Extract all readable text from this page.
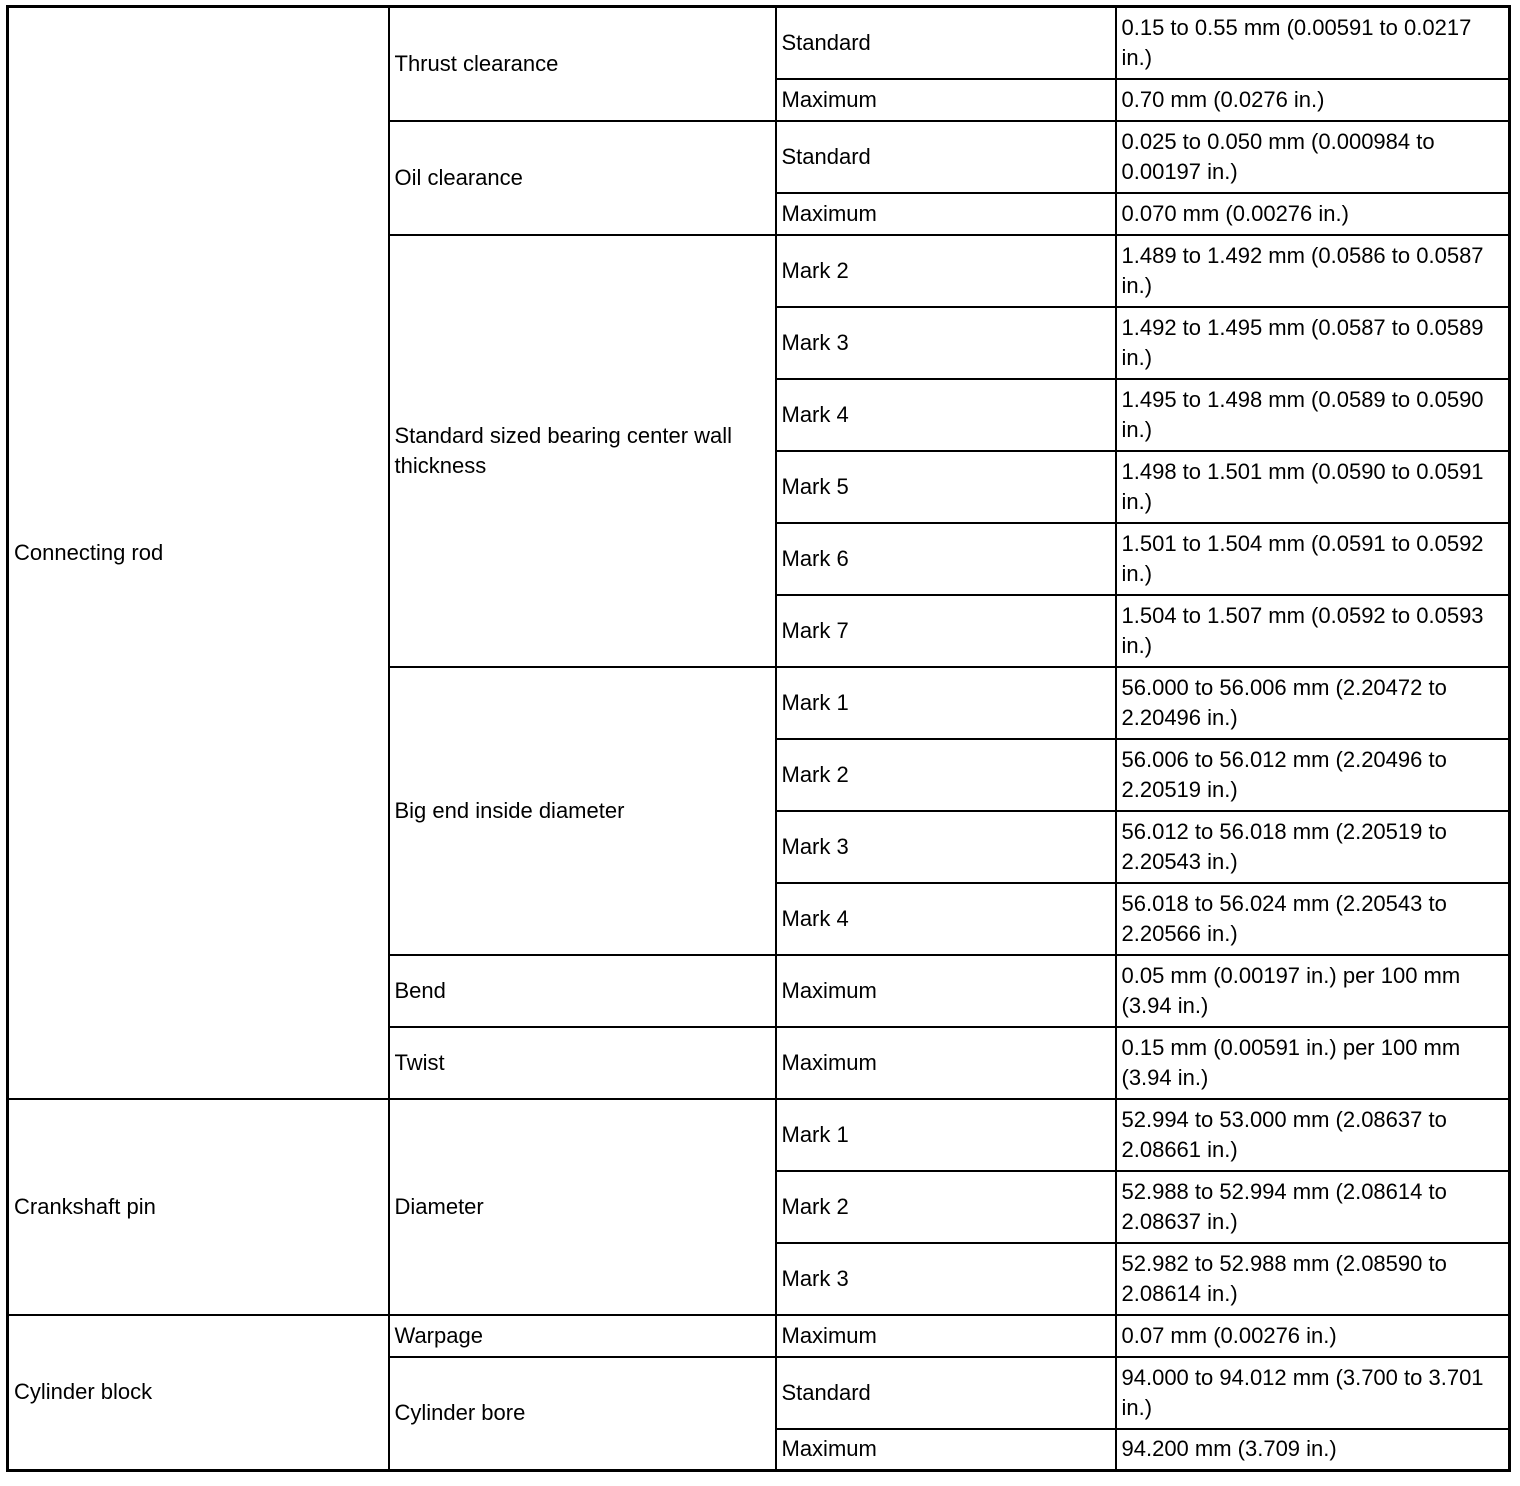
Connecting rod	Thrust clearance	Standard	0.15 to 0.55 mm (0.00591 to 0.0217 in.)
		Maximum	0.70 mm (0.0276 in.)
	Oil clearance	Standard	0.025 to 0.050 mm (0.000984 to 0.00197 in.)
		Maximum	0.070 mm (0.00276 in.)
	Standard sized bearing center wall thickness	Mark 2	1.489 to 1.492 mm (0.0586 to 0.0587 in.)
		Mark 3	1.492 to 1.495 mm (0.0587 to 0.0589 in.)
		Mark 4	1.495 to 1.498 mm (0.0589 to 0.0590 in.)
		Mark 5	1.498 to 1.501 mm (0.0590 to 0.0591 in.)
		Mark 6	1.501 to 1.504 mm (0.0591 to 0.0592 in.)
		Mark 7	1.504 to 1.507 mm (0.0592 to 0.0593 in.)
	Big end inside diameter	Mark 1	56.000 to 56.006 mm (2.20472 to 2.20496 in.)
		Mark 2	56.006 to 56.012 mm (2.20496 to 2.20519 in.)
		Mark 3	56.012 to 56.018 mm (2.20519 to 2.20543 in.)
		Mark 4	56.018 to 56.024 mm (2.20543 to 2.20566 in.)
	Bend	Maximum	0.05 mm (0.00197 in.) per 100 mm (3.94 in.)
	Twist	Maximum	0.15 mm (0.00591 in.) per 100 mm (3.94 in.)
Crankshaft pin	Diameter	Mark 1	52.994 to 53.000 mm (2.08637 to 2.08661 in.)
		Mark 2	52.988 to 52.994 mm (2.08614 to 2.08637 in.)
		Mark 3	52.982 to 52.988 mm (2.08590 to 2.08614 in.)
Cylinder block	Warpage	Maximum	0.07 mm (0.00276 in.)
	Cylinder bore	Standard	94.000 to 94.012 mm (3.700 to 3.701 in.)
		Maximum	94.200 mm (3.709 in.)
